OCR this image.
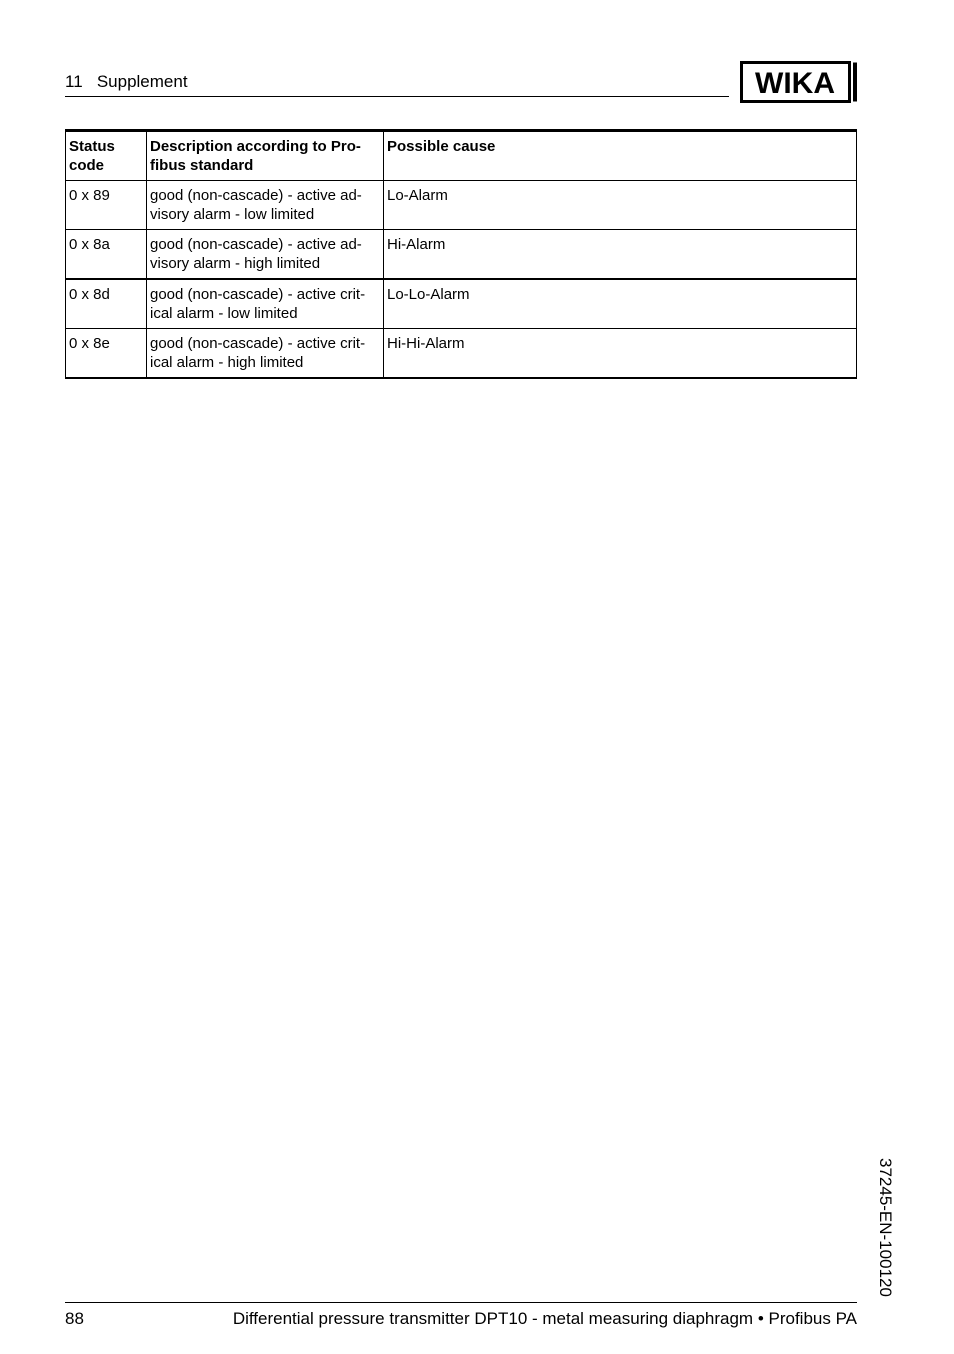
11   Supplement	WIKA
Status code	Description according to Pro-fibus standard	Possible cause
0 x 89	good (non-cascade) - active ad-visory alarm - low limited	Lo-Alarm
0 x 8a	good (non-cascade) - active ad-visory alarm - high limited	Hi-Alarm
0 x 8d	good (non-cascade) - active crit-ical alarm - low limited	Lo-Lo-Alarm
0 x 8e	good (non-cascade) - active crit-ical alarm - high limited	Hi-Hi-Alarm
37245-EN-100120
88	Differential pressure transmitter DPT10 - metal measuring diaphragm • Profibus PA
